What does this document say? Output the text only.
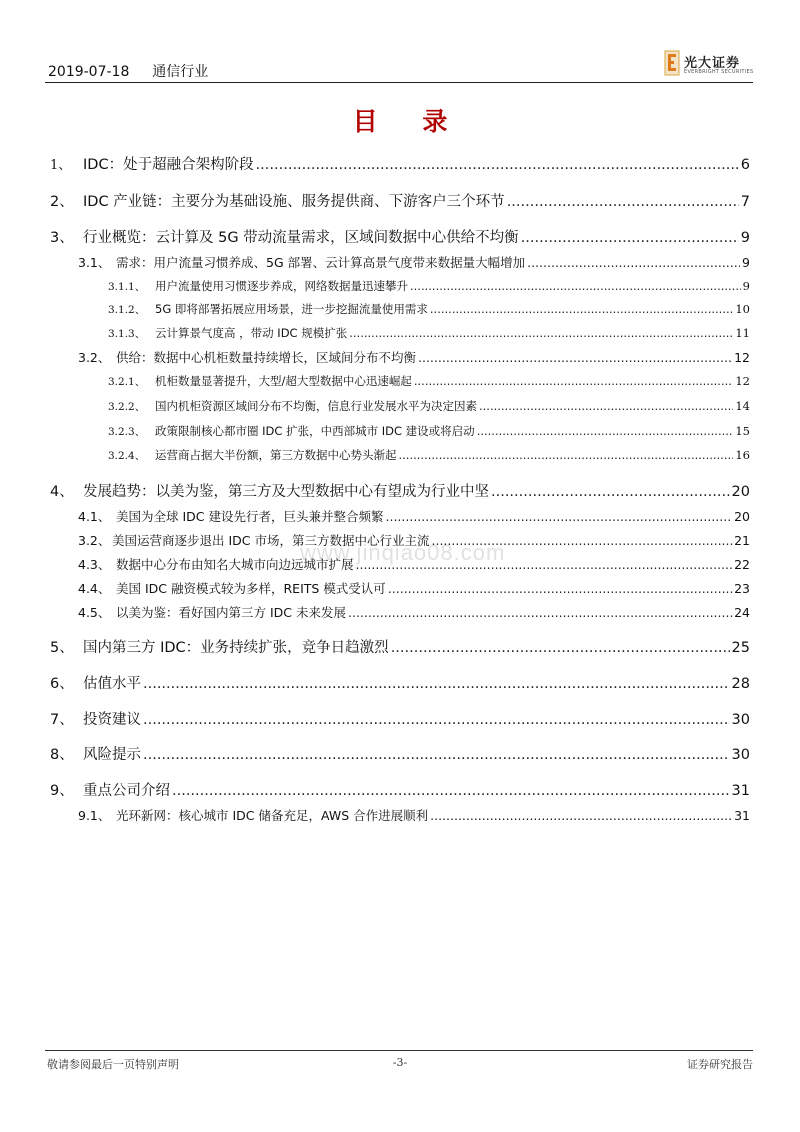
2019-07-18 通信行业
光大证券
EVERBRIGHT SECURITIES
目 录
www.jinqiao08.com
1、 IDC：处于超融合架构阶段 .....	6
2、 IDC 产业链：主要分为基础设施、服务提供商、下游客户三个环节 .....	7
3、 行业概览：云计算及 5G 带动流量需求，区域间数据中心供给不均衡 .....	9
3.1、 需求：用户流量习惯养成、5G 部署、云计算高景气度带来数据量大幅增加 .....	9
3.1.1、 用户流量使用习惯逐步养成，网络数据量迅速攀升 .....	9
3.1.2、 5G 即将部署拓展应用场景，进一步挖掘流量使用需求 .....	10
3.1.3、 云计算景气度高 ，带动 IDC 规模扩张 .....	11
3.2、 供给：数据中心机柜数量持续增长，区域间分布不均衡 .....	12
3.2.1、 机柜数量显著提升，大型/超大型数据中心迅速崛起 .....	12
3.2.2、 国内机柜资源区域间分布不均衡，信息行业发展水平为决定因素 .....	14
3.2.3、 政策限制核心都市圈 IDC 扩张，中西部城市 IDC 建设或将启动 .....	15
3.2.4、 运营商占据大半份额，第三方数据中心势头渐起 .....	16
4、 发展趋势：以美为鉴，第三方及大型数据中心有望成为行业中坚 .....	20
4.1、 美国为全球 IDC 建设先行者，巨头兼并整合频繁 .....	20
3.2、 美国运营商逐步退出 IDC 市场，第三方数据中心行业主流 .....	21
4.3、 数据中心分布由知名大城市向边远城市扩展 .....	22
4.4、 美国 IDC 融资模式较为多样，REITS 模式受认可 .....	23
4.5、 以美为鉴：看好国内第三方 IDC 未来发展 .....	24
5、 国内第三方 IDC：业务持续扩张，竞争日趋激烈 .....	25
6、 估值水平 .....	28
7、 投资建议 .....	30
8、 风险提示 .....	30
9、 重点公司介绍 .....	31
9.1、 光环新网：核心城市 IDC 储备充足，AWS 合作进展顺利 .....	31
敬请参阅最后一页特别声明	-3-	证券研究报告
